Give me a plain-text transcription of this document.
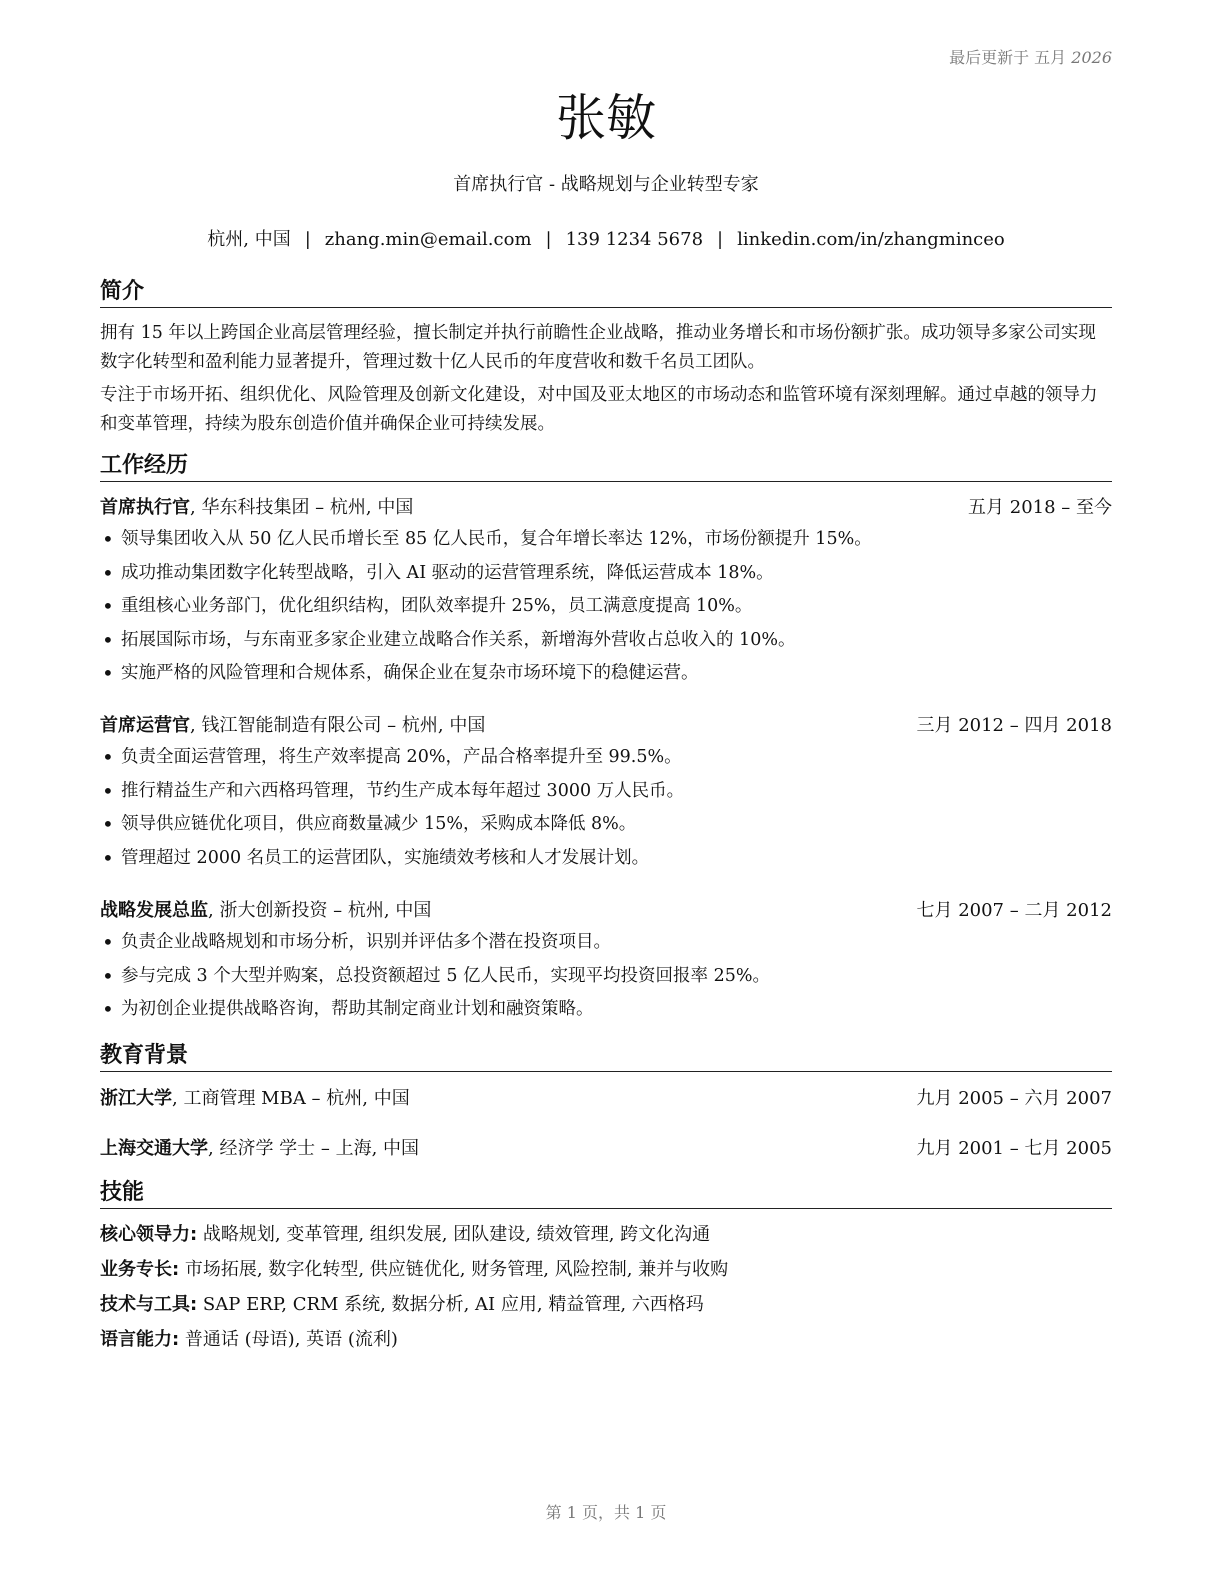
最后更新于 五月 2026
张敏
首席执行官 - 战略规划与企业转型专家
杭州, 中国 | zhang.min@email.com | 139 1234 5678 | linkedin.com/in/zhangminceo
简介

拥有 15 年以上跨国企业高层管理经验，擅长制定并执行前瞻性企业战略，推动业务增长和市场份额扩张。成功领导多家公司实现数字化转型和盈利能力显著提升，管理过数十亿人民币的年度营收和数千名员工团队。

专注于市场开拓、组织优化、风险管理及创新文化建设，对中国及亚太地区的市场动态和监管环境有深刻理解。通过卓越的领导力和变革管理，持续为股东创造价值并确保企业可持续发展。

工作经历
首席执行官, 华东科技集团 – 杭州, 中国	五月 2018 – 至今
• 领导集团收入从 50 亿人民币增长至 85 亿人民币，复合年增长率达 12%，市场份额提升 15%。
• 成功推动集团数字化转型战略，引入 AI 驱动的运营管理系统，降低运营成本 18%。
• 重组核心业务部门，优化组织结构，团队效率提升 25%，员工满意度提高 10%。
• 拓展国际市场，与东南亚多家企业建立战略合作关系，新增海外营收占总收入的 10%。
• 实施严格的风险管理和合规体系，确保企业在复杂市场环境下的稳健运营。
首席运营官, 钱江智能制造有限公司 – 杭州, 中国	三月 2012 – 四月 2018
• 负责全面运营管理，将生产效率提高 20%，产品合格率提升至 99.5%。
• 推行精益生产和六西格玛管理，节约生产成本每年超过 3000 万人民币。
• 领导供应链优化项目，供应商数量减少 15%，采购成本降低 8%。
• 管理超过 2000 名员工的运营团队，实施绩效考核和人才发展计划。
战略发展总监, 浙大创新投资 – 杭州, 中国	七月 2007 – 二月 2012
• 负责企业战略规划和市场分析，识别并评估多个潜在投资项目。
• 参与完成 3 个大型并购案，总投资额超过 5 亿人民币，实现平均投资回报率 25%。
• 为初创企业提供战略咨询，帮助其制定商业计划和融资策略。
教育背景
浙江大学, 工商管理 MBA – 杭州, 中国	九月 2005 – 六月 2007
上海交通大学, 经济学 学士 – 上海, 中国	九月 2001 – 七月 2005
技能
核心领导力: 战略规划, 变革管理, 组织发展, 团队建设, 绩效管理, 跨文化沟通
业务专长: 市场拓展, 数字化转型, 供应链优化, 财务管理, 风险控制, 兼并与收购
技术与工具: SAP ERP, CRM 系统, 数据分析, AI 应用, 精益管理, 六西格玛
语言能力: 普通话 (母语), 英语 (流利)
第 1 页，共 1 页
